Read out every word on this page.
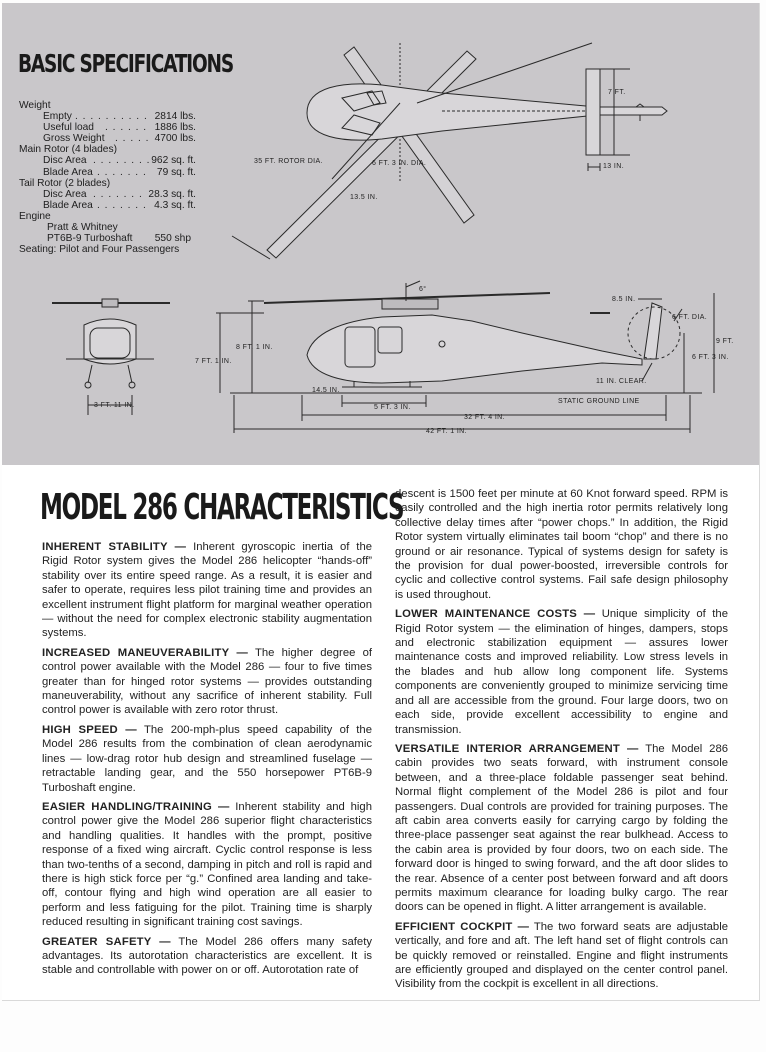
35 FT. ROTOR DIA.	6 FT. 3 IN. DIA.
13.5 IN.
7 FT.
13 IN.
6°
8 FT. 1 IN.
7 FT. 1 IN.
14.5 IN.
5 FT. 3 IN.
32 FT. 4 IN.
42 FT. 1 IN.
8.5 IN.
6 FT. DIA.
11 IN. CLEAR.
9 FT.
6 FT. 3 IN.
STATIC GROUND LINE
3 FT. 11 IN.
BASIC SPECIFICATIONS
Weight
Empty . . . . . . . . . . 2814 lbs.
Useful load . . . . . . 1886 lbs.
Gross Weight . . . . . 4700 lbs.
Main Rotor (4 blades)
Disc Area . . . . . . . . 962 sq. ft.
Blade Area . . . . . . . 79 sq. ft.
Tail Rotor (2 blades)
Disc Area . . . . . . . 28.3 sq. ft.
Blade Area . . . . . . . 4.3 sq. ft.
Engine
Pratt & Whitney
PT6B-9 Turboshaft 550 shp
Seating: Pilot and Four Passengers
MODEL 286 CHARACTERISTICS

INHERENT STABILITY — Inherent gyroscopic inertia of the Rigid Rotor system gives the Model 286 helicopter “hands-off” stability over its entire speed range. As a result, it is easier and safer to operate, requires less pilot training time and provides an excellent instrument flight platform for marginal weather operation — without the need for complex electronic stability augmentation systems.

INCREASED MANEUVERABILITY — The higher degree of control power available with the Model 286 — four to five times greater than for hinged rotor systems — provides outstanding maneuverability, without any sacrifice of inherent stability. Full control power is available with zero rotor thrust.

HIGH SPEED — The 200-mph-plus speed capability of the Model 286 results from the combination of clean aerodynamic lines — low-drag rotor hub design and streamlined fuselage — retractable landing gear, and the 550 horsepower PT6B-9 Turboshaft engine.

EASIER HANDLING/TRAINING — Inherent stability and high control power give the Model 286 superior flight characteristics and handling qualities. It handles with the prompt, positive response of a fixed wing aircraft. Cyclic control response is less than two-tenths of a second, damping in pitch and roll is rapid and there is high stick force per “g.” Confined area landing and take-off, contour flying and high wind operation are all easier to perform and less fatiguing for the pilot. Training time is sharply reduced resulting in significant training cost savings.

GREATER SAFETY — The Model 286 offers many safety advantages. Its autorotation characteristics are excellent. It is stable and controllable with power on or off. Autorotation rate of

descent is 1500 feet per minute at 60 Knot forward speed. RPM is easily controlled and the high inertia rotor permits relatively long collective delay times after “power chops.” In addition, the Rigid Rotor system virtually eliminates tail boom “chop” and there is no ground or air resonance. Typical of systems design for safety is the provision for dual power-boosted, irreversible controls for cyclic and collective control systems. Fail safe design philosophy is used throughout.

LOWER MAINTENANCE COSTS — Unique simplicity of the Rigid Rotor system — the elimination of hinges, dampers, stops and electronic stabilization equipment — assures lower maintenance costs and improved reliability. Low stress levels in the blades and hub allow long component life. Systems components are conveniently grouped to minimize servicing time and all are accessible from the ground. Four large doors, two on each side, provide excellent accessibility to engine and transmission.

VERSATILE INTERIOR ARRANGEMENT — The Model 286 cabin provides two seats forward, with instrument console between, and a three-place foldable passenger seat behind. Normal flight complement of the Model 286 is pilot and four passengers. Dual controls are provided for training purposes. The aft cabin area converts easily for carrying cargo by folding the three-place passenger seat against the rear bulkhead. Access to the cabin area is provided by four doors, two on each side. The forward door is hinged to swing forward, and the aft door slides to the rear. Absence of a center post between forward and aft doors permits maximum clearance for loading bulky cargo. The rear doors can be opened in flight. A litter arrangement is available.

EFFICIENT COCKPIT — The two forward seats are adjustable vertically, and fore and aft. The left hand set of flight controls can be quickly removed or reinstalled. Engine and flight instruments are efficiently grouped and displayed on the center control panel. Visibility from the cockpit is excellent in all directions.
